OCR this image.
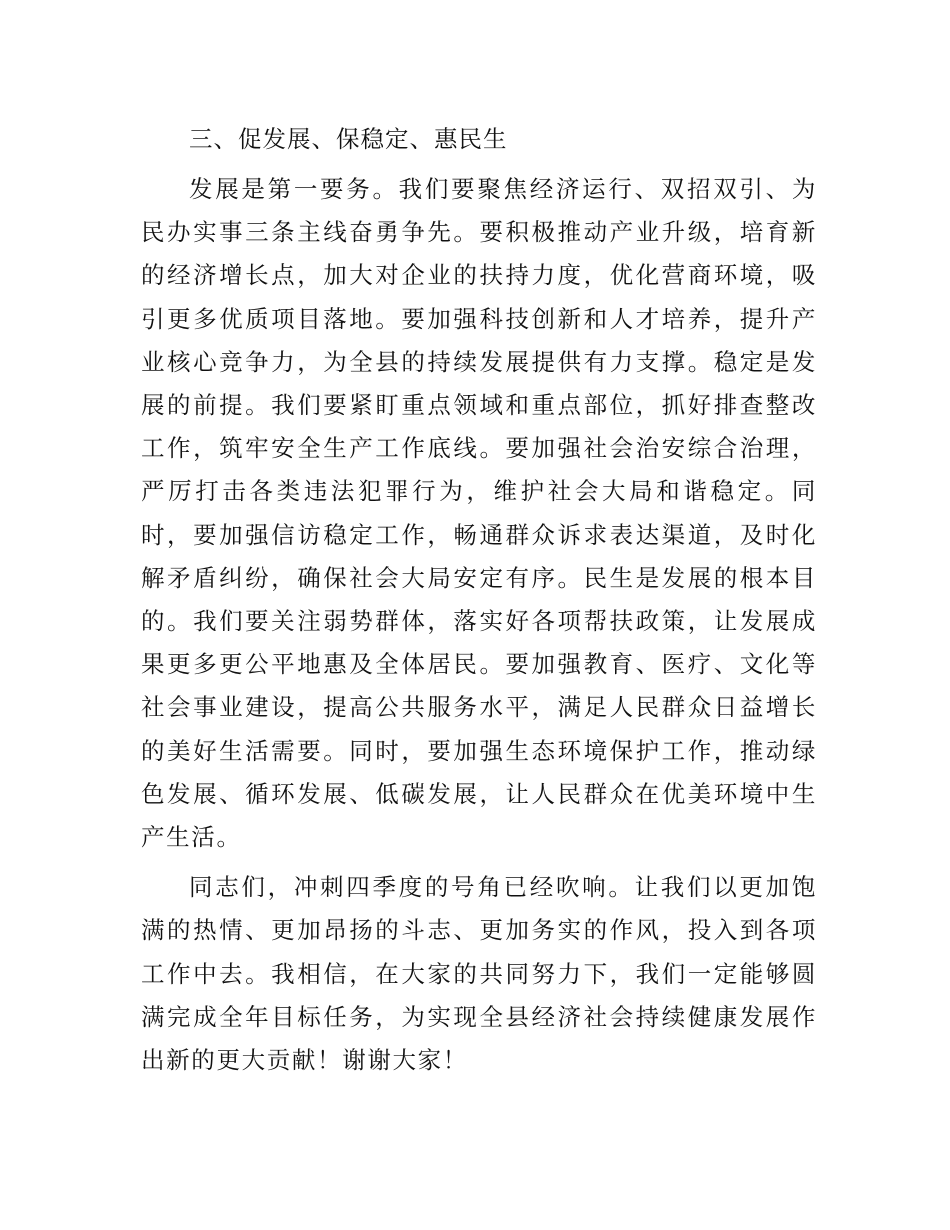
三、促发展、保稳定、惠民生

发展是第一要务。我们要聚焦经济运行、双招双引、为民办实事三条主线奋勇争先。要积极推动产业升级，培育新的经济增长点，加大对企业的扶持力度，优化营商环境，吸引更多优质项目落地。要加强科技创新和人才培养，提升产业核心竞争力，为全县的持续发展提供有力支撑。稳定是发展的前提。我们要紧盯重点领域和重点部位，抓好排查整改工作，筑牢安全生产工作底线。要加强社会治安综合治理，严厉打击各类违法犯罪行为，维护社会大局和谐稳定。同时，要加强信访稳定工作，畅通群众诉求表达渠道，及时化解矛盾纠纷，确保社会大局安定有序。民生是发展的根本目的。我们要关注弱势群体，落实好各项帮扶政策，让发展成果更多更公平地惠及全体居民。要加强教育、医疗、文化等社会事业建设，提高公共服务水平，满足人民群众日益增长的美好生活需要。同时，要加强生态环境保护工作，推动绿色发展、循环发展、低碳发展，让人民群众在优美环境中生产生活。

同志们，冲刺四季度的号角已经吹响。让我们以更加饱满的热情、更加昂扬的斗志、更加务实的作风，投入到各项工作中去。我相信，在大家的共同努力下，我们一定能够圆满完成全年目标任务，为实现全县经济社会持续健康发展作出新的更大贡献！谢谢大家！
